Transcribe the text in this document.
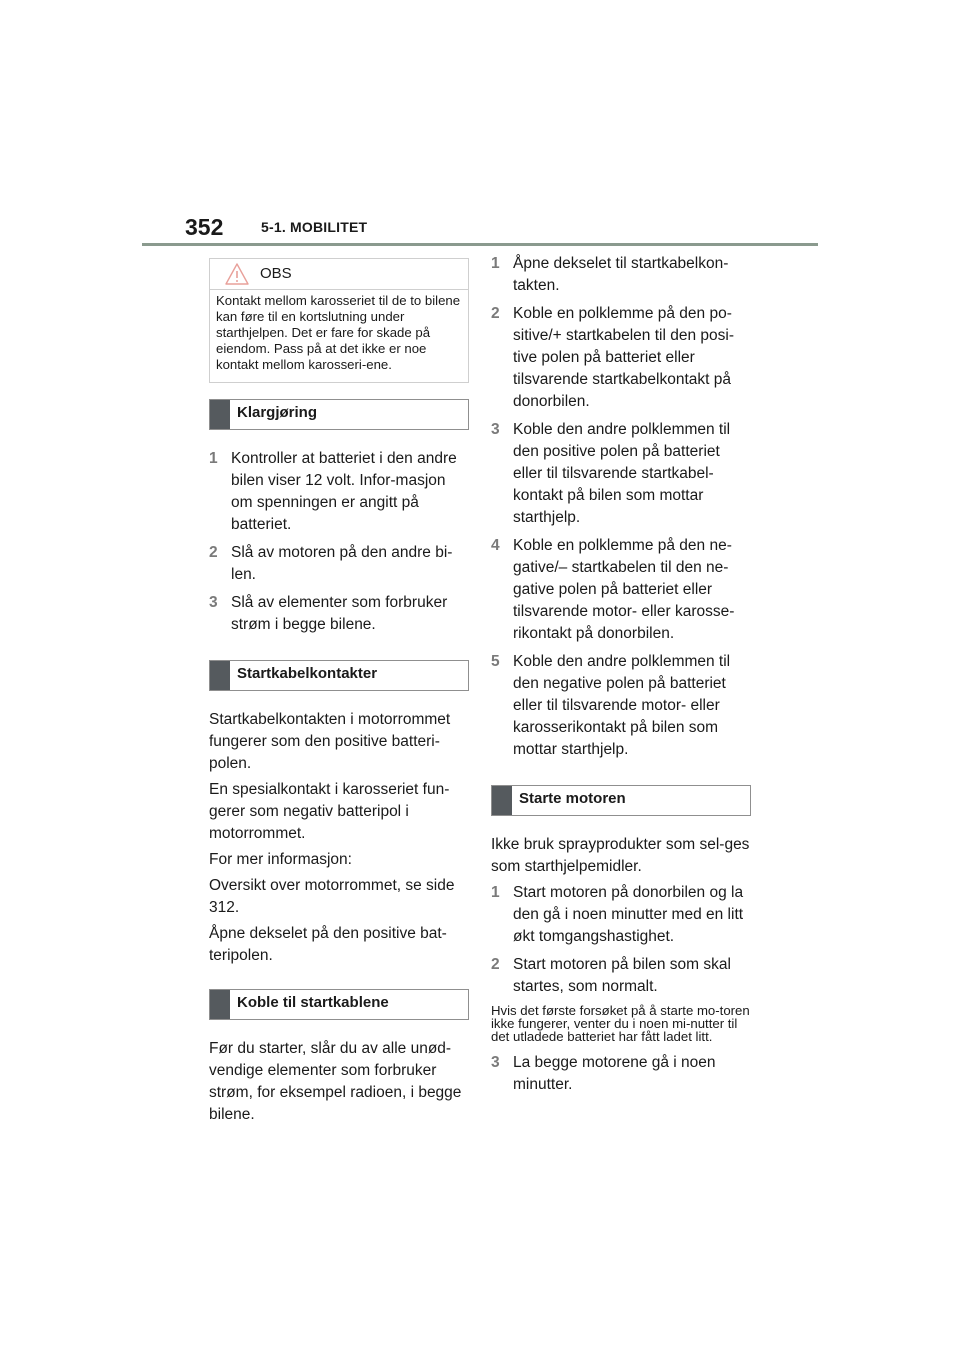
352	5-1. MOBILITET
OBS
Kontakt mellom karosseriet til de to bilene kan føre til en kortslutning under starthjelpen. Det er fare for skade på eiendom. Pass på at det ikke er noe kontakt mellom karosseri-ene.
Klargjøring
1 Kontroller at batteriet i den andre bilen viser 12 volt. Infor-masjon om spenningen er angitt på batteriet.
2 Slå av motoren på den andre bi-len.
3 Slå av elementer som forbruker strøm i begge bilene.
Startkabelkontakter

Startkabelkontakten i motorrommet fungerer som den positive batteri-polen.

En spesialkontakt i karosseriet fun-gerer som negativ batteripol i motorrommet.

For mer informasjon:

Oversikt over motorrommet, se side 312.

Åpne dekselet på den positive bat-teripolen.

Koble til startkablene

Før du starter, slår du av alle unød-vendige elementer som forbruker strøm, for eksempel radioen, i begge bilene.

1 Åpne dekselet til startkabelkon-takten.
2 Koble en polklemme på den po-sitive/+ startkabelen til den posi-tive polen på batteriet eller tilsvarende startkabelkontakt på donorbilen.
3 Koble den andre polklemmen til den positive polen på batteriet eller til tilsvarende startkabel-kontakt på bilen som mottar starthjelp.
4 Koble en polklemme på den ne-gative/– startkabelen til den ne-gative polen på batteriet eller tilsvarende motor- eller karosse-rikontakt på donorbilen.
5 Koble den andre polklemmen til den negative polen på batteriet eller til tilsvarende motor- eller karosserikontakt på bilen som mottar starthjelp.
Starte motoren

Ikke bruk sprayprodukter som sel-ges som starthjelpemidler.

1 Start motoren på donorbilen og la den gå i noen minutter med en litt økt tomgangshastighet.
2 Start motoren på bilen som skal startes, som normalt.

Hvis det første forsøket på å starte mo-toren ikke fungerer, venter du i noen mi-nutter til det utladede batteriet har fått ladet litt.

3 La begge motorene gå i noen minutter.
